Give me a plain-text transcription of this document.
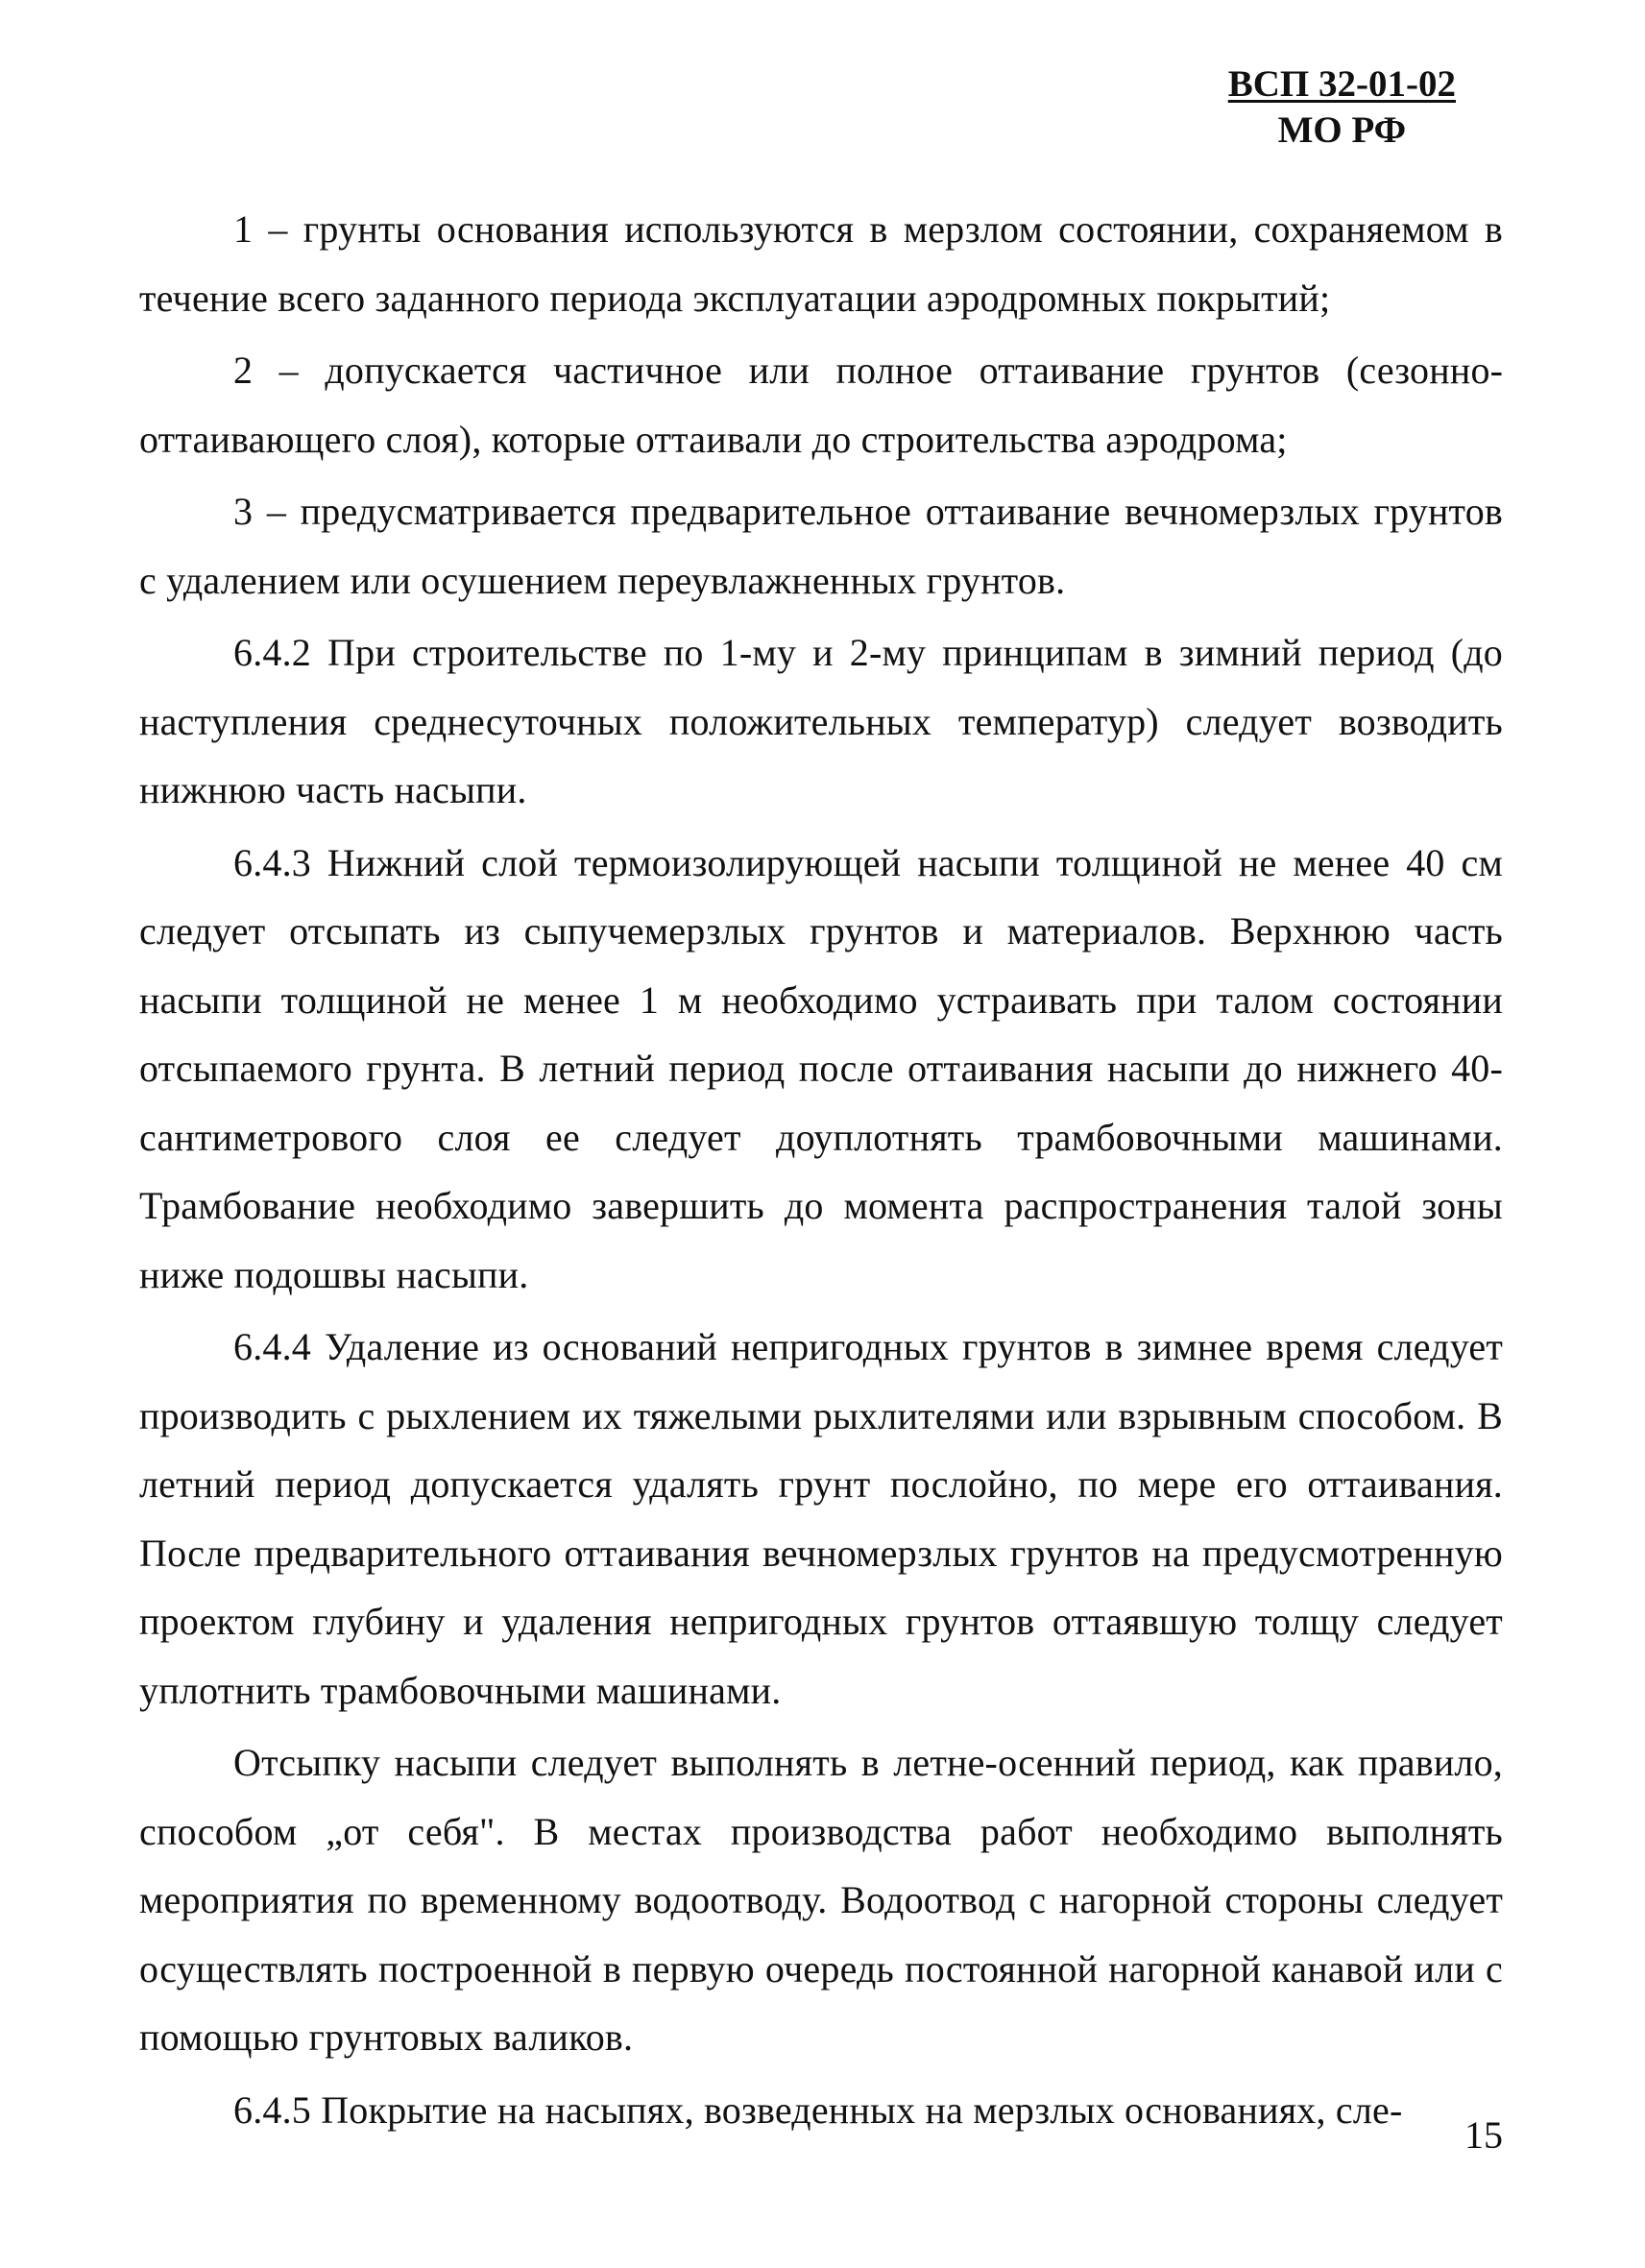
ВСП 32-01-02
МО РФ

1 – грунты основания используются в мерзлом состоянии, сохраняемом в течение всего заданного периода эксплуатации аэродромных покрытий;

2 – допускается частичное или полное оттаивание грунтов (сезоннооттаивающего слоя), которые оттаивали до строительства аэродрома;

3 – предусматривается предварительное оттаивание вечномерзлых грунтов с удалением или осушением переувлажненных грунтов.

6.4.2 При строительстве по 1-му и 2-му принципам в зимний период (до наступления среднесуточных положительных температур) следует возводить нижнюю часть насыпи.

6.4.3 Нижний слой термоизолирующей насыпи толщиной не менее 40 см следует отсыпать из сыпучемерзлых грунтов и материалов. Верхнюю часть насыпи толщиной не менее 1 м необходимо устраивать при талом состоянии отсыпаемого грунта. В летний период после оттаивания насыпи до нижнего 40-сантиметрового слоя ее следует доуплотнять трамбовочными машинами. Трамбование необходимо завершить до момента распространения талой зоны ниже подошвы насыпи.

6.4.4 Удаление из оснований непригодных грунтов в зимнее время следует производить с рыхлением их тяжелыми рыхлителями или взрывным способом. В летний период допускается удалять грунт послойно, по мере его оттаивания. После предварительного оттаивания вечномерзлых грунтов на предусмотренную проектом глубину и удаления непригодных грунтов оттаявшую толщу следует уплотнить трамбовочными машинами.

Отсыпку насыпи следует выполнять в летне-осенний период, как правило, способом „от себя". В местах производства работ необходимо выполнять мероприятия по временному водоотводу. Водоотвод с нагорной стороны следует осуществлять построенной в первую очередь постоянной нагорной канавой или с помощью грунтовых валиков.

6.4.5 Покрытие на насыпях, возведенных на мерзлых основаниях, сле-

15
